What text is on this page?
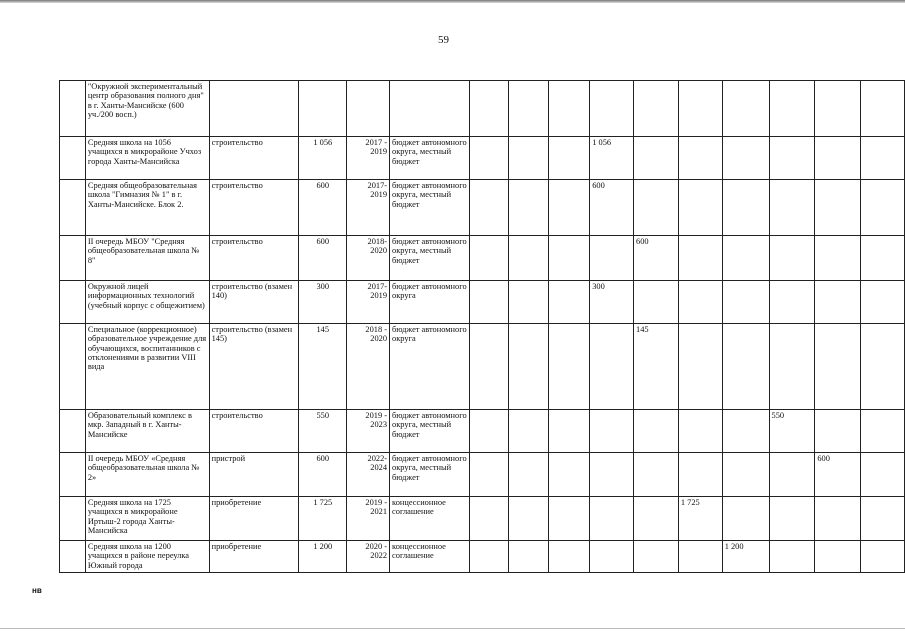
59
	"Окружной экспериментальный центр образования полного дня" в г. Ханты-Мансийске (600 уч./200 восп.)														
	Средняя школа на 1056 учащихся в микрорайоне Учхоз города Ханты-Мансийска	строительство	1 056	2017 - 2019	бюджет автономного округа, местный бюджет				1 056						
	Средняя общеобразовательная школа "Гимназия № 1" в г. Ханты-Мансийске. Блок 2.	строительство	600	2017- 2019	бюджет автономного округа, местный бюджет				600						
	II очередь МБОУ "Средняя общеобразовательная школа № 8"	строительство	600	2018- 2020	бюджет автономного округа, местный бюджет					600					
	Окружной лицей информационных технологий (учебный корпус с общежитием)	строительство (взамен 140)	300	2017- 2019	бюджет автономного округа				300						
	Специальное (коррекционное) образовательное учреждение для обучающихся, воспитанников с отклонениями в развитии VIII вида	строительство (взамен 145)	145	2018 - 2020	бюджет автономного округа					145					
	Образовательный комплекс в мкр. Западный в г. Ханты-Мансийске	строительство	550	2019 - 2023	бюджет автономного округа, местный бюджет								550		
	II очередь МБОУ «Средняя общеобразовательная школа № 2»	пристрой	600	2022- 2024	бюджет автономного округа, местный бюджет									600	
	Средняя школа на 1725 учащихся в микрорайоне Иртыш-2 города Ханты-Мансийска	приобретение	1 725	2019 - 2021	концессионное соглашение						1 725				
	Средняя школа на 1200 учащихся в районе переулка Южный города	приобретение	1 200	2020 - 2022	концессионное соглашение							1 200			
нв
